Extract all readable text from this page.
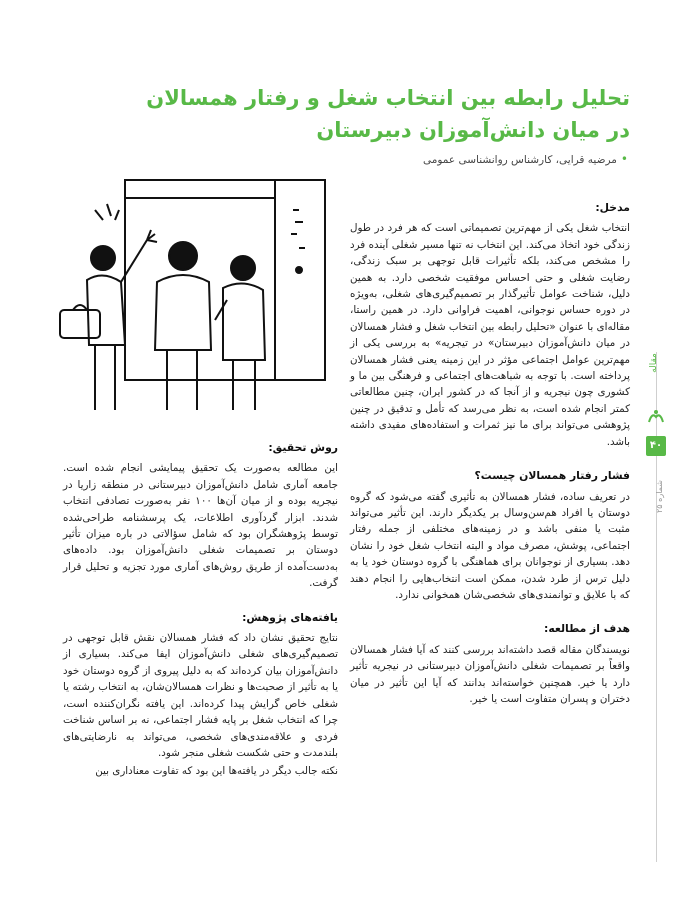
تحلیل رابطه بین انتخاب شغل و رفتار همسالان
در میان دانش‌آموزان دبیرستان
•مرضیه قرایی، کارشناس روانشناسی عمومی
مدخل:

انتخاب شغل یکی از مهم‌ترین تصمیماتی است که هر فرد در طول زندگی خود اتخاذ می‌کند. این انتخاب نه تنها مسیر شغلی آینده فرد را مشخص می‌کند، بلکه تأثیرات قابل توجهی بر سبک زندگی، رضایت شغلی و حتی احساس موفقیت شخصی دارد. به همین دلیل، شناخت عوامل تأثیرگذار بر تصمیم‌گیری‌های شغلی، به‌ویژه در دوره حساس نوجوانی، اهمیت فراوانی دارد. در همین راستا، مقاله‌ای با عنوان «تحلیل رابطه بین انتخاب شغل و فشار همسالان در میان دانش‌آموزان دبیرستان» در تیجریه» به بررسی یکی از مهم‌ترین عوامل اجتماعی مؤثر در این زمینه یعنی فشار همسالان پرداخته است. با توجه به شباهت‌های اجتماعی و فرهنگی بین ما و کشوری چون نیجریه و از آنجا که در کشور ایران، چنین مطالعاتی کمتر انجام شده است، به نظر می‌رسد که تأمل و تدقیق در چنین پژوهشی می‌تواند برای ما نیز ثمرات و استفاده‌های مفیدی داشته باشد.

فشار رفتار همسالان چیست؟

در تعریف ساده، فشار همسالان به تأثیری گفته می‌شود که گروه دوستان یا افراد هم‌سن‌وسال بر یکدیگر دارند. این تأثیر می‌تواند مثبت یا منفی باشد و در زمینه‌های مختلفی از جمله رفتار اجتماعی، پوشش، مصرف مواد و البته انتخاب شغل خود را نشان دهد. بسیاری از نوجوانان برای هماهنگی با گروه دوستان خود یا به دلیل ترس از طرد شدن، ممکن است انتخاب‌هایی را انجام دهند که با علایق و توانمندی‌های شخصی‌شان همخوانی ندارد.

هدف از مطالعه:

نویسندگان مقاله قصد داشته‌اند بررسی کنند که آیا فشار همسالان واقعاً بر تصمیمات شغلی دانش‌آموزان دبیرستانی در نیجریه تأثیر دارد یا خیر. همچنین خواسته‌اند بدانند که آیا این تأثیر در میان دختران و پسران متفاوت است یا خیر.

روش تحقیق:

این مطالعه به‌صورت یک تحقیق پیمایشی انجام شده است. جامعه آماری شامل دانش‌آموزان دبیرستانی در منطقه زاریا در نیجریه بوده و از میان آن‌ها ۱۰۰ نفر به‌صورت تصادفی انتخاب شدند. ابزار گردآوری اطلاعات، یک پرسشنامه طراحی‌شده توسط پژوهشگران بود که شامل سؤالاتی در باره میزان تأثیر دوستان بر تصمیمات شغلی دانش‌آموزان بود. داده‌های به‌دست‌آمده از طریق روش‌های آماری مورد تجزیه و تحلیل قرار گرفت.

یافته‌های پژوهش:

نتایج تحقیق نشان داد که فشار همسالان نقش قابل توجهی در تصمیم‌گیری‌های شغلی دانش‌آموزان ایفا می‌کند. بسیاری از دانش‌آموزان بیان کرده‌اند که به دلیل پیروی از گروه دوستان خود یا به تأثیر از صحبت‌ها و نظرات همسالان‌شان، به انتخاب رشته یا شغلی خاص گرایش پیدا کرده‌اند. این یافته نگران‌کننده است، چرا که انتخاب شغل بر پایه فشار اجتماعی، نه بر اساس شناخت فردی و علاقه‌مندی‌های شخصی، می‌تواند به نارضایتی‌های بلندمدت و حتی شکست شغلی منجر شود.

نکته جالب دیگر در یافته‌ها این بود که تفاوت معناداری بین

مقاله
۴۰
شماره ۲۵
